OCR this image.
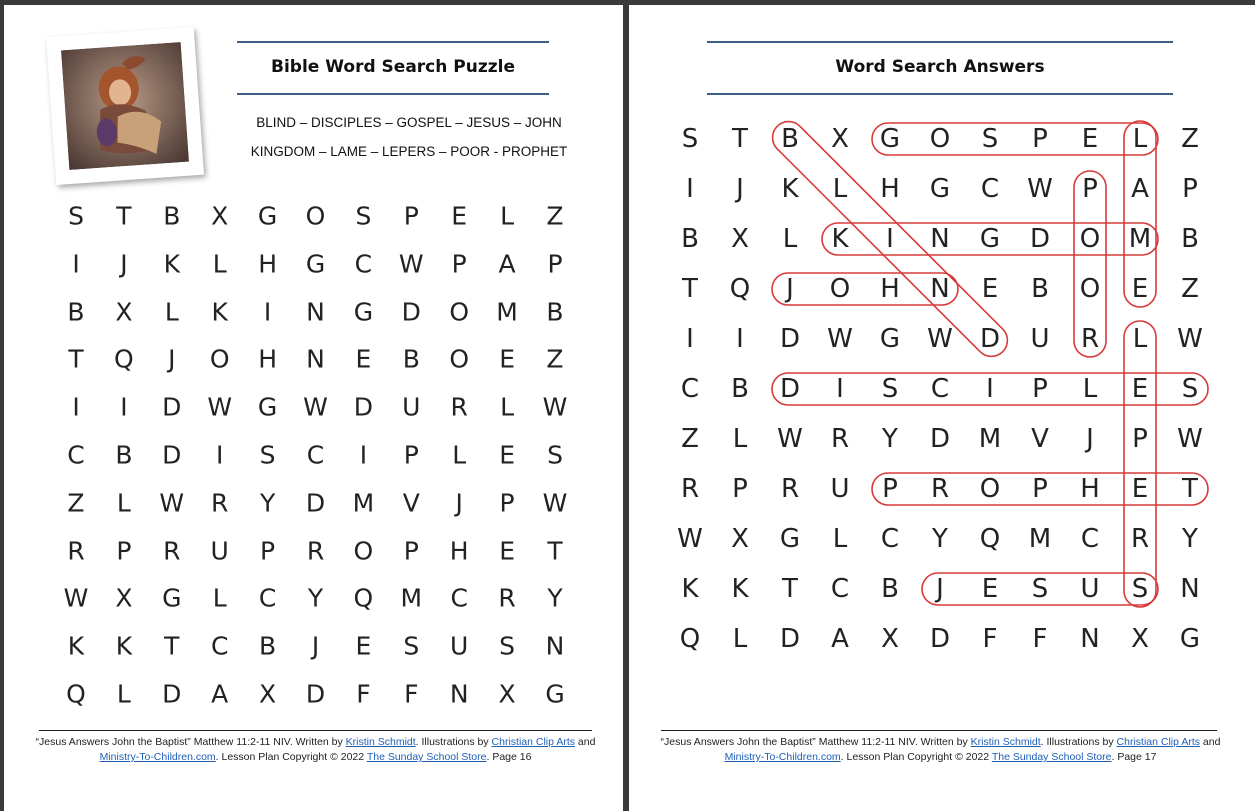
Bible Word Search Puzzle
BLIND – DISCIPLES – GOSPEL – JESUS – JOHN
KINGDOM – LAME – LEPERS – POOR - PROPHET
S	T	B	X	G	O	S	P	E	L	Z
I	J	K	L	H	G	C	W	P	A	P
B	X	L	K	I	N	G	D	O	M	B
T	Q	J	O	H	N	E	B	O	E	Z
I	I	D	W	G	W	D	U	R	L	W
C	B	D	I	S	C	I	P	L	E	S
Z	L	W	R	Y	D	M	V	J	P	W
R	P	R	U	P	R	O	P	H	E	T
W	X	G	L	C	Y	Q	M	C	R	Y
K	K	T	C	B	J	E	S	U	S	N
Q	L	D	A	X	D	F	F	N	X	G
“Jesus Answers John the Baptist” Matthew 11:2-11 NIV. Written by Kristin Schmidt. Illustrations by Christian Clip Arts and Ministry-To-Children.com. Lesson Plan Copyright © 2022 The Sunday School Store. Page 16
Word Search Answers
S	T	B	X	G	O	S	P	E	L	Z
I	J	K	L	H	G	C	W	P	A	P
B	X	L	K	I	N	G	D	O	M	B
T	Q	J	O	H	N	E	B	O	E	Z
I	I	D	W	G	W	D	U	R	L	W
C	B	D	I	S	C	I	P	L	E	S
Z	L	W	R	Y	D	M	V	J	P	W
R	P	R	U	P	R	O	P	H	E	T
W	X	G	L	C	Y	Q	M	C	R	Y
K	K	T	C	B	J	E	S	U	S	N
Q	L	D	A	X	D	F	F	N	X	G
“Jesus Answers John the Baptist” Matthew 11:2-11 NIV. Written by Kristin Schmidt. Illustrations by Christian Clip Arts and Ministry-To-Children.com. Lesson Plan Copyright © 2022 The Sunday School Store. Page 17
